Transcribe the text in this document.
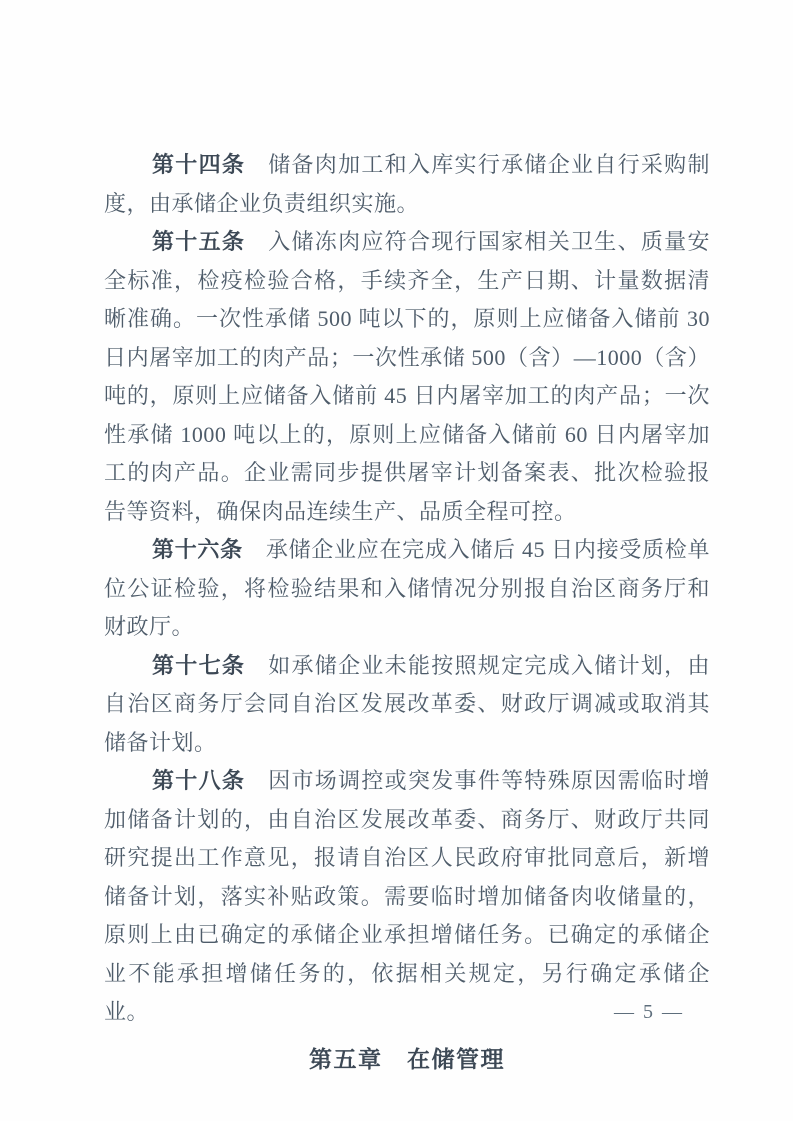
第十四条 储备肉加工和入库实行承储企业自行采购制度，由承储企业负责组织实施。

第十五条 入储冻肉应符合现行国家相关卫生、质量安全标准，检疫检验合格，手续齐全，生产日期、计量数据清晰准确。一次性承储 500 吨以下的，原则上应储备入储前 30 日内屠宰加工的肉产品；一次性承储 500（含）—1000（含）吨的，原则上应储备入储前 45 日内屠宰加工的肉产品；一次性承储 1000 吨以上的，原则上应储备入储前 60 日内屠宰加工的肉产品。企业需同步提供屠宰计划备案表、批次检验报告等资料，确保肉品连续生产、品质全程可控。

第十六条 承储企业应在完成入储后 45 日内接受质检单位公证检验，将检验结果和入储情况分别报自治区商务厅和财政厅。

第十七条 如承储企业未能按照规定完成入储计划，由自治区商务厅会同自治区发展改革委、财政厅调减或取消其储备计划。

第十八条 因市场调控或突发事件等特殊原因需临时增加储备计划的，由自治区发展改革委、商务厅、财政厅共同研究提出工作意见，报请自治区人民政府审批同意后，新增储备计划，落实补贴政策。需要临时增加储备肉收储量的，原则上由已确定的承储企业承担增储任务。已确定的承储企业不能承担增储任务的，依据相关规定，另行确定承储企业。

第五章　在储管理
— 5 —
